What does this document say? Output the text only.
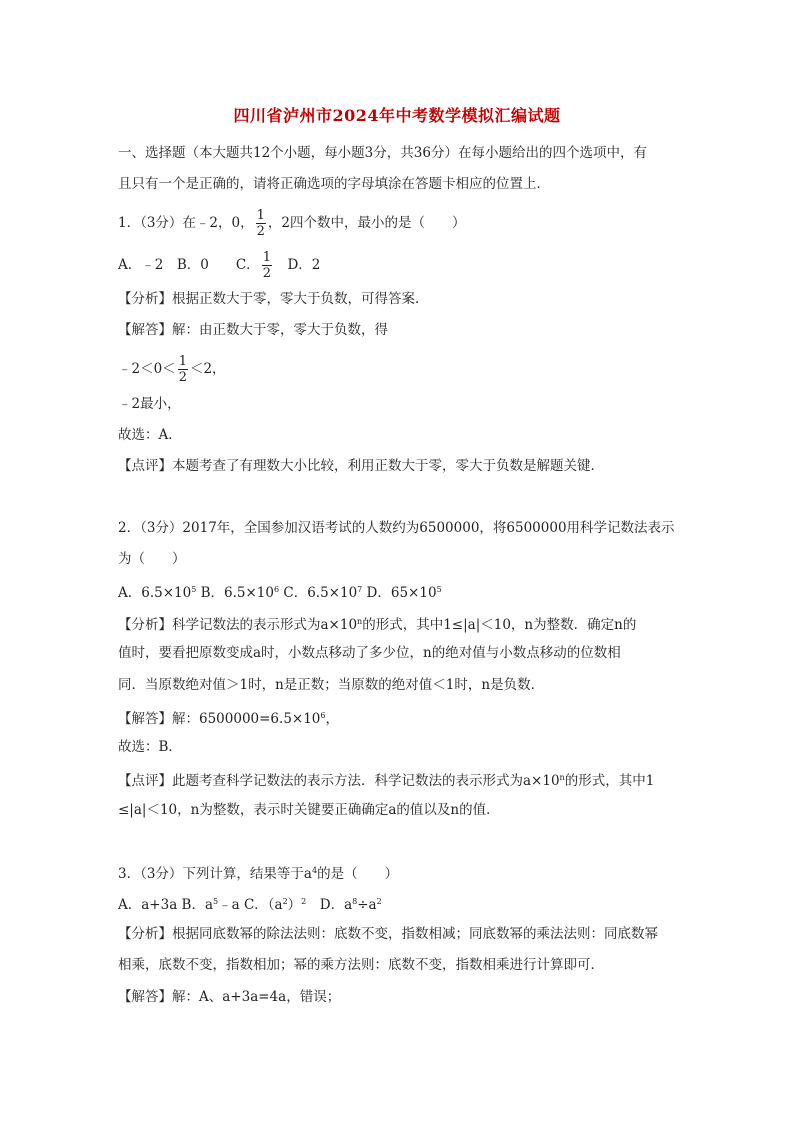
四川省泸州市2024年中考数学模拟汇编试题
一、选择题（本大题共12个小题，每小题3分，共36分）在每小题给出的四个选项中，有
且只有一个是正确的，请将正确选项的字母填涂在答题卡相应的位置上．
1．（3分）在﹣2，0， $\frac{1}{2}$ ，2四个数中，最小的是（　　）
A．﹣2　B．0　　C． $\frac{1}{2}$ 　D．2
【分析】根据正数大于零，零大于负数，可得答案．
【解答】解：由正数大于零，零大于负数，得
﹣2＜0＜ $\frac{1}{2} <2$，
﹣2最小，
故选：A．
【点评】本题考查了有理数大小比较，利用正数大于零，零大于负数是解题关键．
2．（3分）2017年，全国参加汉语考试的人数约为6500000，将6500000用科学记数法表示
为（　　）
A．$6.5\times 10^5$ B．$6.5\times 10^6$ C．$6.5\times 10^7$ D．$65\times 10^5$
【分析】科学记数法的表示形式为$a\times 10^n$的形式，其中1≤|a|＜10，n为整数．确定n的
值时，要看把原数变成a时，小数点移动了多少位，n的绝对值与小数点移动的位数相
同．当原数绝对值＞1时，n是正数；当原数的绝对值＜1时，n是负数．
【解答】解：$6500000=6.5\times 10^6$，
故选：B．
【点评】此题考查科学记数法的表示方法．科学记数法的表示形式为$a\times 10^n$的形式，其中1
≤|a|＜10，n为整数，表示时关键要正确确定a的值以及n的值．
3．（3分）下列计算，结果等于$a^4$的是（　　）
A．a+3a B．$a^5﹣a$ C．$(a^2)^2$　D．$a^8\div a^2$
【分析】根据同底数幂的除法法则：底数不变，指数相减；同底数幂的乘法法则：同底数幂
相乘，底数不变，指数相加；幂的乘方法则：底数不变，指数相乘进行计算即可．
【解答】解：A、a+3a=4a，错误；
